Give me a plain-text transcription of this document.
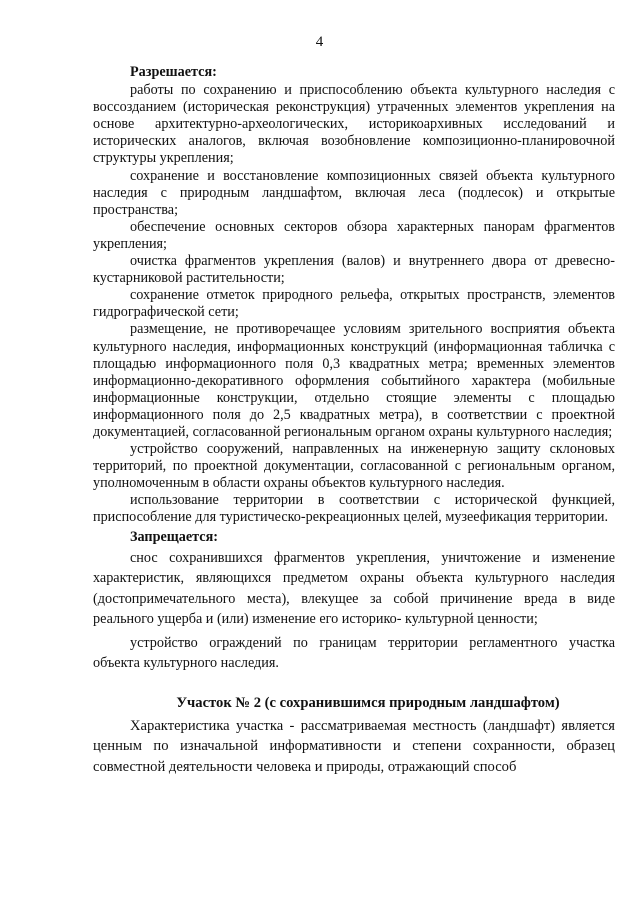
4

Разрешается:

работы по сохранению и приспособлению объекта культурного наследия с воссозданием (историческая реконструкция) утраченных элементов укрепления на основе архитектурно-археологических, историкоархивных исследований и исторических аналогов, включая возобновление композиционно-планировочной структуры укрепления;

сохранение и восстановление композиционных связей объекта культурного наследия с природным ландшафтом, включая леса (подлесок) и открытые пространства;

обеспечение основных секторов обзора характерных панорам фрагментов укрепления;

очистка фрагментов укрепления (валов) и внутреннего двора от древесно-кустарниковой растительности;

сохранение отметок природного рельефа, открытых пространств, элементов гидрографической сети;

размещение, не противоречащее условиям зрительного восприятия объекта культурного наследия, информационных конструкций (информационная табличка с площадью информационного поля 0,3 квадратных метра; временных элементов информационно-декоративного оформления событийного характера (мобильные информационные конструкции, отдельно стоящие элементы с площадью информационного поля до 2,5 квадратных метра), в соответствии с проектной документацией, согласованной региональным органом охраны культурного наследия;

устройство сооружений, направленных на инженерную защиту склоновых территорий, по проектной документации, согласованной с региональным органом, уполномоченным в области охраны объектов культурного наследия.

использование территории в соответствии с исторической функцией, приспособление для туристическо-рекреационных целей, музеефикация территории.

Запрещается:

снос сохранившихся фрагментов укрепления, уничтожение и изменение характеристик, являющихся предметом охраны объекта культурного наследия (достопримечательного места), влекущее за собой причинение вреда в виде реального ущерба и (или) изменение его историко- культурной ценности;

устройство ограждений по границам территории регламентного участка объекта культурного наследия.

Участок № 2 (с сохранившимся природным ландшафтом)

Характеристика участка - рассматриваемая местность (ландшафт) является ценным по изначальной информативности и степени сохранности, образец совместной деятельности человека и природы, отражающий способ
